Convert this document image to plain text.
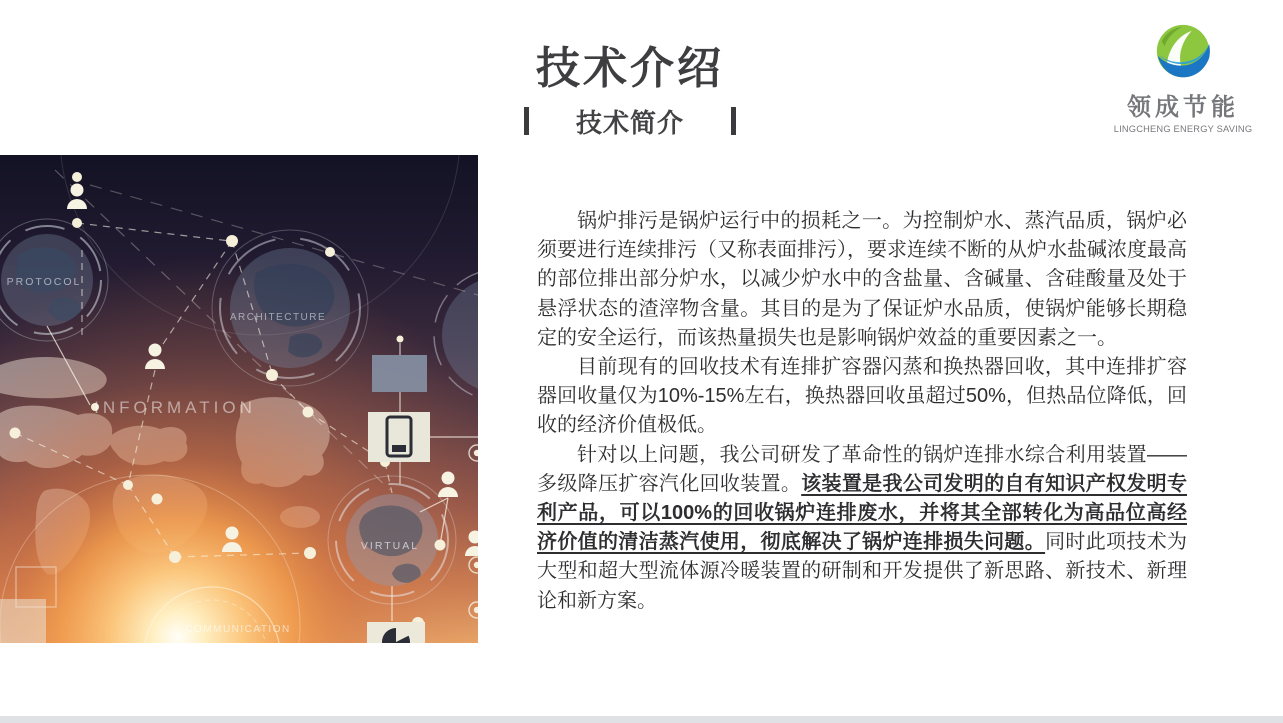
技术介绍
技术简介	领成节能
LINGCHENG ENERGY SAVING
PROTOCOL
ARCHITECTURE
VIRTUAL
INFORMATION
COMMUNICATION

锅炉排污是锅炉运行中的损耗之一。为控制炉水、蒸汽品质，锅炉必须要进行连续排污（又称表面排污），要求连续不断的从炉水盐碱浓度最高的部位排出部分炉水，以减少炉水中的含盐量、含碱量、含硅酸量及处于悬浮状态的渣滓物含量。其目的是为了保证炉水品质，使锅炉能够长期稳定的安全运行，而该热量损失也是影响锅炉效益的重要因素之一。

目前现有的回收技术有连排扩容器闪蒸和换热器回收，其中连排扩容器回收量仅为10%-15%左右，换热器回收虽超过50%，但热品位降低，回收的经济价值极低。

针对以上问题，我公司研发了革命性的锅炉连排水综合利用装置——多级降压扩容汽化回收装置。该装置是我公司发明的自有知识产权发明专利产品，可以100%的回收锅炉连排废水，并将其全部转化为高品位高经济价值的清洁蒸汽使用，彻底解决了锅炉连排损失问题。同时此项技术为大型和超大型流体源冷暖装置的研制和开发提供了新思路、新技术、新理论和新方案。
